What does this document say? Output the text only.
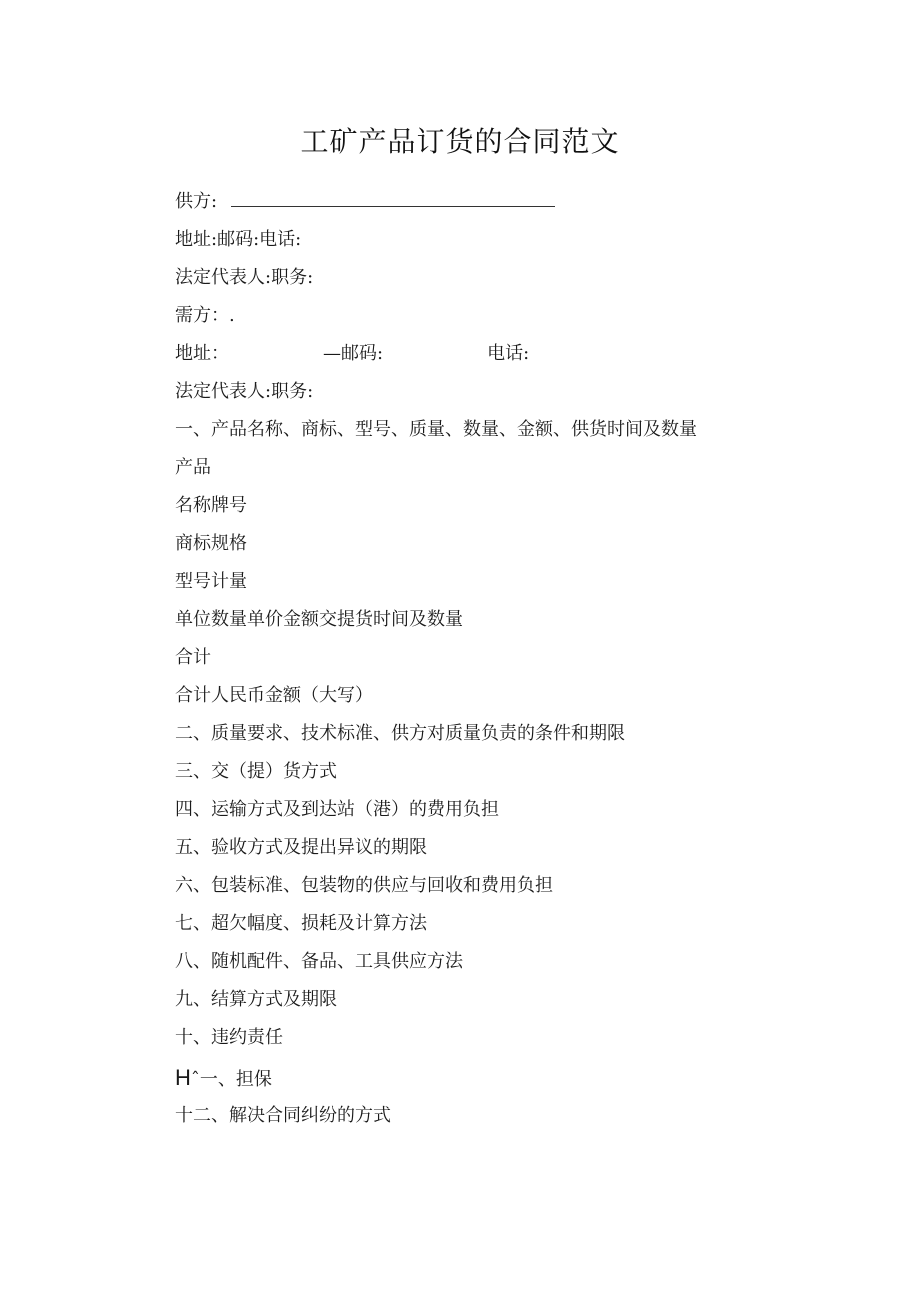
工矿产品订货的合同范文
供方:
地址:邮码:电话:
法定代表人:职务:
需方：.
地址：	—邮码:	电话:
法定代表人:职务:
一、产品名称、商标、型号、质量、数量、金额、供货时间及数量
产品
名称牌号
商标规格
型号计量
单位数量单价金额交提货时间及数量
合计
合计人民币金额（大写）
二、质量要求、技术标准、供方对质量负责的条件和期限
三、交（提）货方式
四、运输方式及到达站（港）的费用负担
五、验收方式及提出异议的期限
六、包装标准、包装物的供应与回收和费用负担
七、超欠幅度、损耗及计算方法
八、随机配件、备品、工具供应方法
九、结算方式及期限
十、违约责任
Hˆ一、担保
十二、解决合同纠纷的方式
